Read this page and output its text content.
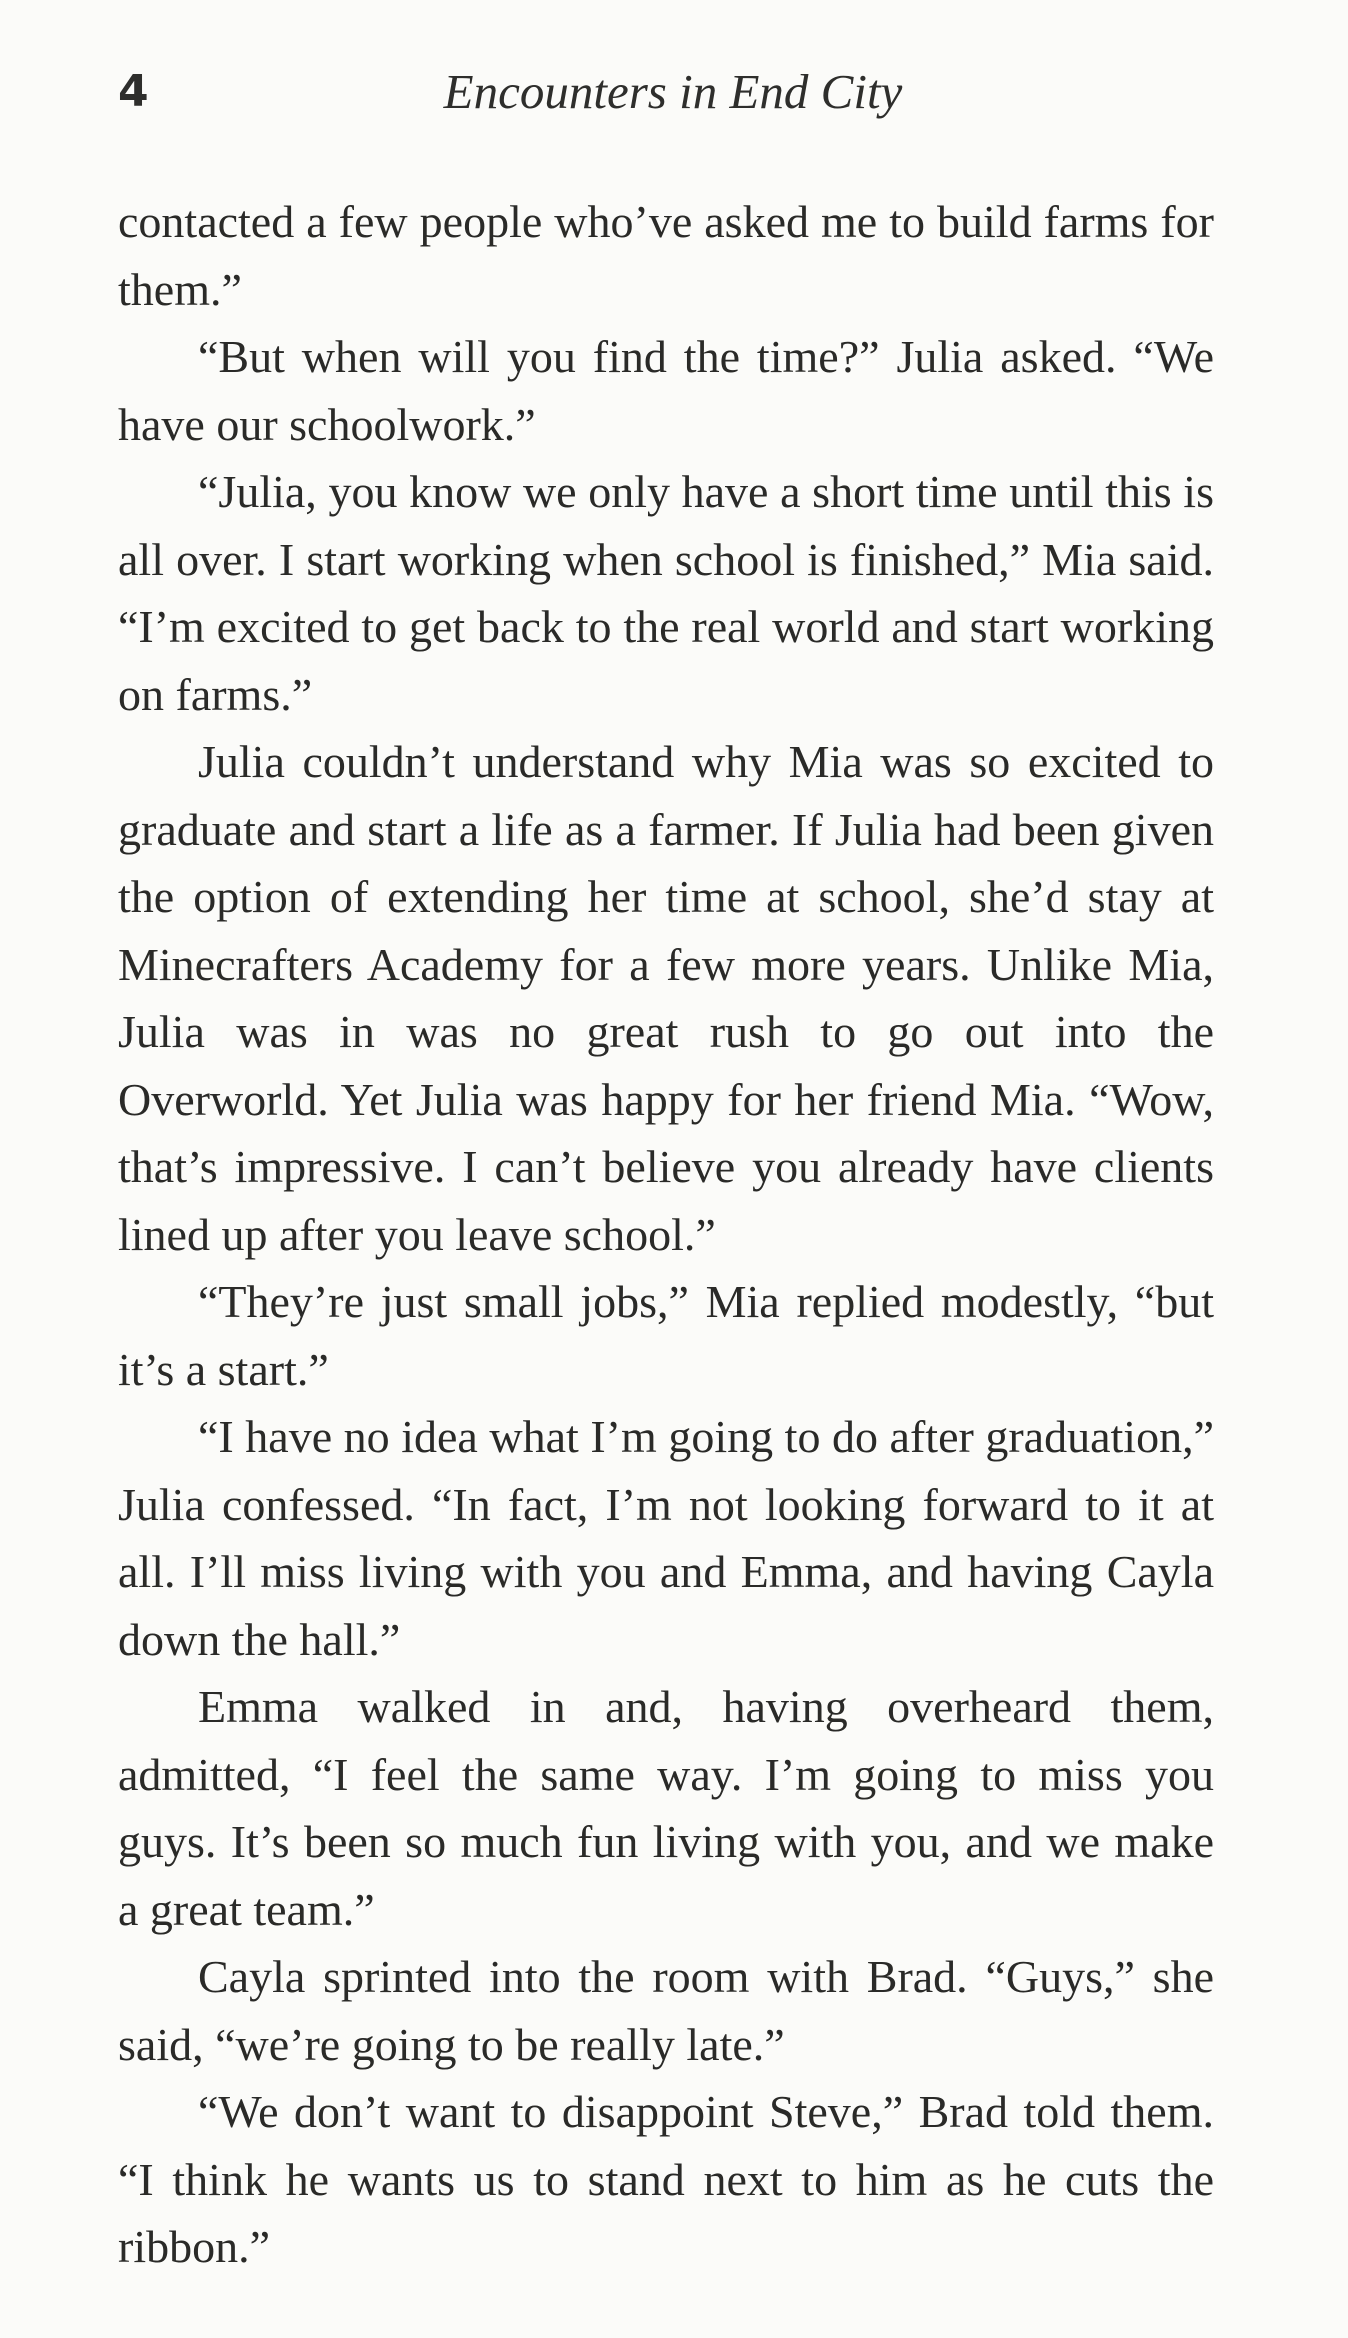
4	Encounters in End City

contacted a few people who’ve asked me to build farms for them.”

“But when will you find the time?” Julia asked. “We have our schoolwork.”

“Julia, you know we only have a short time until this is all over. I start working when school is finished,” Mia said. “I’m excited to get back to the real world and start working on farms.”

Julia couldn’t understand why Mia was so excited to graduate and start a life as a farmer. If Julia had been given the option of extending her time at school, she’d stay at Minecrafters Academy for a few more years. Unlike Mia, Julia was in was no great rush to go out into the Overworld. Yet Julia was happy for her friend Mia. “Wow, that’s impressive. I can’t believe you already have clients lined up after you leave school.”

“They’re just small jobs,” Mia replied modestly, “but it’s a start.”

“I have no idea what I’m going to do after graduation,” Julia confessed. “In fact, I’m not looking forward to it at all. I’ll miss living with you and Emma, and having Cayla down the hall.”

Emma walked in and, having overheard them, admitted, “I feel the same way. I’m going to miss you guys. It’s been so much fun living with you, and we make a great team.”

Cayla sprinted into the room with Brad. “Guys,” she said, “we’re going to be really late.”

“We don’t want to disappoint Steve,” Brad told them. “I think he wants us to stand next to him as he cuts the ribbon.”
